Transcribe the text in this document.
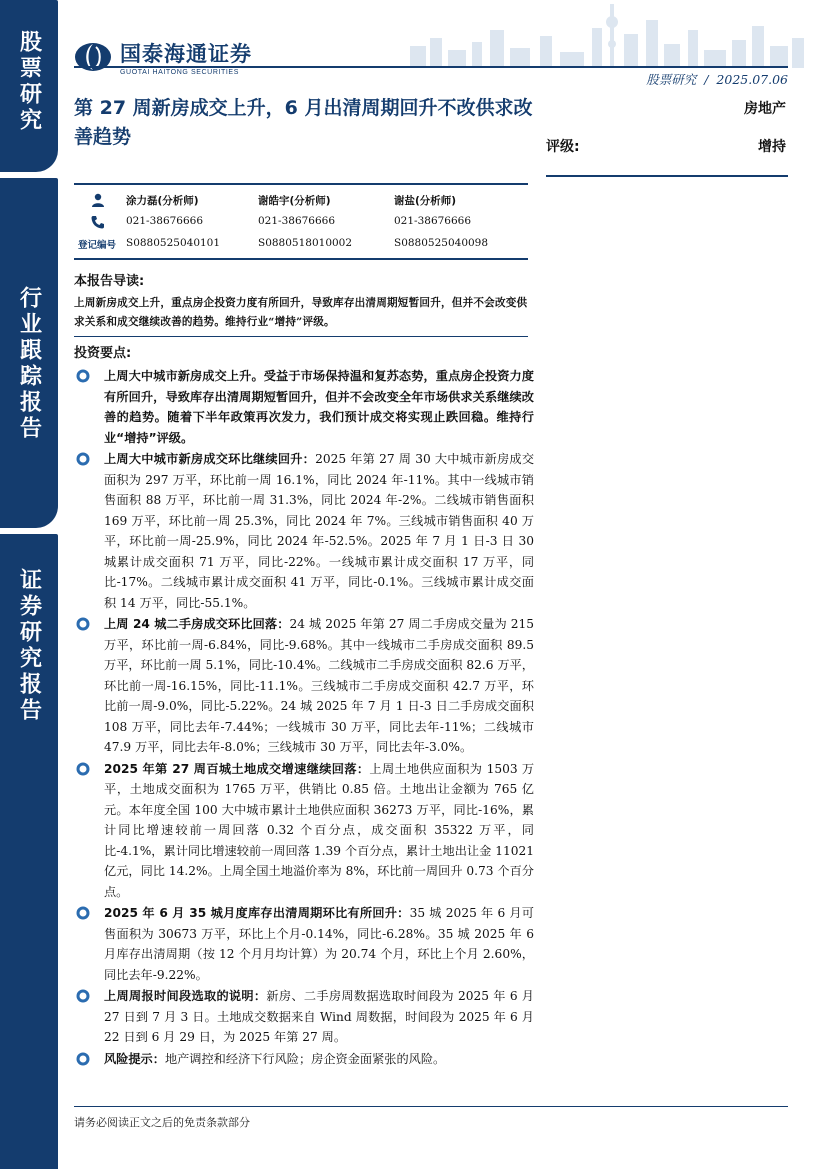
股票研究
行业跟踪报告
证券研究报告
国泰海通证券
GUOTAI HAITONG SECURITIES	股票研究 / 2025.07.06
第 27 周新房成交上升，6 月出清周期回升不改供求改善趋势
房地产
评级:	增持
涂力磊(分析师)	谢皓宇(分析师)	谢盐(分析师)
021-38676666	021-38676666	021-38676666
登记编号 S0880525040101	S0880518010002	S0880525040098
本报告导读:
上周新房成交上升，重点房企投资力度有所回升，导致库存出清周期短暂回升，但并不会改变供求关系和成交继续改善的趋势。维持行业“增持”评级。
投资要点:
上周大中城市新房成交上升。受益于市场保持温和复苏态势，重点房企投资力度有所回升，导致库存出清周期短暂回升，但并不会改变全年市场供求关系继续改善的趋势。随着下半年政策再次发力，我们预计成交将实现止跌回稳。维持行业“增持”评级。
上周大中城市新房成交环比继续回升：2025 年第 27 周 30 大中城市新房成交面积为 297 万平，环比前一周 16.1%，同比 2024 年-11%。其中一线城市销售面积 88 万平，环比前一周 31.3%，同比 2024 年-2%。二线城市销售面积 169 万平，环比前一周 25.3%，同比 2024 年 7%。三线城市销售面积 40 万平，环比前一周-25.9%，同比 2024 年-52.5%。2025 年 7 月 1 日-3 日 30 城累计成交面积 71 万平，同比-22%。一线城市累计成交面积 17 万平，同比-17%。二线城市累计成交面积 41 万平，同比-0.1%。三线城市累计成交面积 14 万平，同比-55.1%。
上周 24 城二手房成交环比回落：24 城 2025 年第 27 周二手房成交量为 215 万平，环比前一周-6.84%，同比-9.68%。其中一线城市二手房成交面积 89.5 万平，环比前一周 5.1%，同比-10.4%。二线城市二手房成交面积 82.6 万平，环比前一周-16.15%，同比-11.1%。三线城市二手房成交面积 42.7 万平，环比前一周-9.0%，同比-5.22%。24 城 2025 年 7 月 1 日-3 日二手房成交面积 108 万平，同比去年-7.44%；一线城市 30 万平，同比去年-11%；二线城市 47.9 万平，同比去年-8.0%；三线城市 30 万平，同比去年-3.0%。
2025 年第 27 周百城土地成交增速继续回落：上周土地供应面积为 1503 万平，土地成交面积为 1765 万平，供销比 0.85 倍。土地出让金额为 765 亿元。本年度全国 100 大中城市累计土地供应面积 36273 万平，同比-16%，累计同比增速较前一周回落 0.32 个百分点，成交面积 35322 万平，同比-4.1%，累计同比增速较前一周回落 1.39 个百分点，累计土地出让金 11021 亿元，同比 14.2%。上周全国土地溢价率为 8%，环比前一周回升 0.73 个百分点。
2025 年 6 月 35 城月度库存出清周期环比有所回升：35 城 2025 年 6 月可售面积为 30673 万平，环比上个月-0.14%，同比-6.28%。35 城 2025 年 6 月库存出清周期（按 12 个月月均计算）为 20.74 个月，环比上个月 2.60%，同比去年-9.22%。
上周周报时间段选取的说明：新房、二手房周数据选取时间段为 2025 年 6 月 27 日到 7 月 3 日。土地成交数据来自 Wind 周数据，时间段为 2025 年 6 月 22 日到 6 月 29 日，为 2025 年第 27 周。
风险提示：地产调控和经济下行风险；房企资金面紧张的风险。
请务必阅读正文之后的免责条款部分
